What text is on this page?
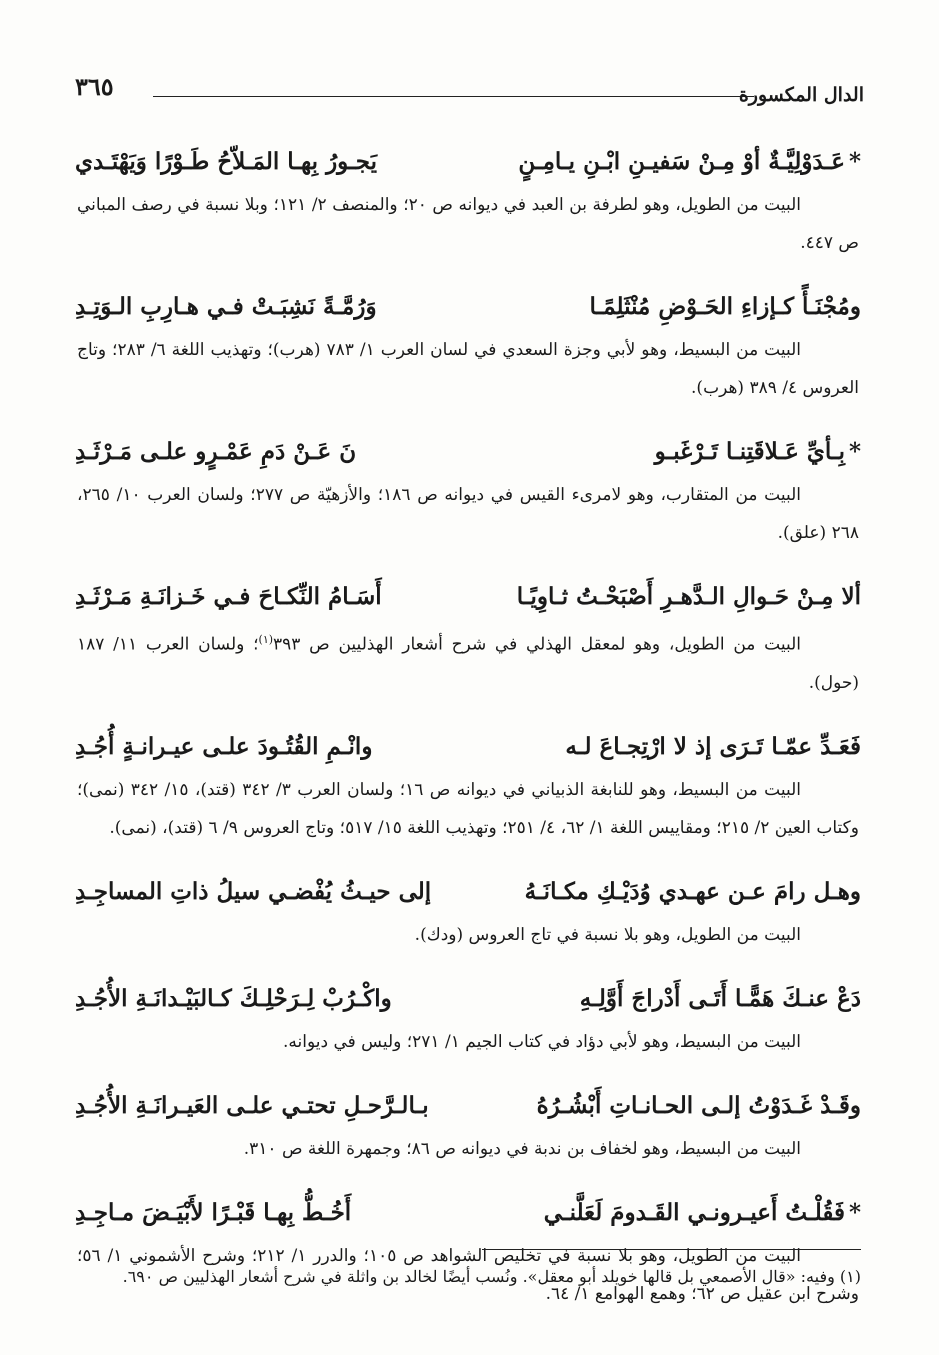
٣٦٥	الدال المكسورة
*عَـدَوْلِيَّـةٌ أوْ مِـنْ سَفيـنِ ابْـنِ يـامِـنٍ
يَجـورُ بِهـا المَـلاّحُ طَـوْرًا وَيَهْتَـدي

البيت من الطويل، وهو لطرفة بن العبد في ديوانه ص ٢٠؛ والمنصف ٢/ ١٢١؛ وبلا نسبة في رصف المباني ص ٤٤٧.

ومُجْنَـأً كـإزاءِ الحَـوْضِ مُنْثَلِمًـا
وَرُمَّـةً نَشِبَـتْ فـي هـارِبِ الـوَتِـدِ

البيت من البسيط، وهو لأبي وجزة السعدي في لسان العرب ١/ ٧٨٣ (هرب)؛ وتهذيب اللغة ٦/ ٢٨٣؛ وتاج العروس ٤/ ٣٨٩ (هرب).

*بِـأيِّ عَـلاقَتِنـا تَـرْغَبـو
نَ عَـنْ دَمِ عَمْـرٍو علـى مَـرْثَـدِ

البيت من المتقارب، وهو لامرىء القيس في ديوانه ص ١٨٦؛ والأزهيّة ص ٢٧٧؛ ولسان العرب ١٠/ ٢٦٥، ٢٦٨ (علق).

ألا مِـنْ حَـوالِ الـدَّهـرِ أَصْبَحْـتُ ثـاوِيًـا
أَسَـامُ النِّكـاحَ فـي خَـزانَـةِ مَـرْثَـدِ

البيت من الطويل، وهو لمعقل الهذلي في شرح أشعار الهذليين ص ٣٩٣$^{(١)}$؛ ولسان العرب ١١/ ١٨٧ (حول).

فَعَـدِّ عمّـا تَـرَى إذ لا ارْتِجـاعَ لـه
وانْـمِ القُتُـودَ علـى عيـرانـةٍ أُجُـدِ

البيت من البسيط، وهو للنابغة الذبياني في ديوانه ص ١٦؛ ولسان العرب ٣/ ٣٤٢ (قتد)، ١٥/ ٣٤٢ (نمى)؛ وكتاب العين ٢/ ٢١٥؛ ومقاييس اللغة ١/ ٦٢، ٤/ ٢٥١؛ وتهذيب اللغة ١٥/ ٥١٧؛ وتاج العروس ٩/ ٦ (قتد)، (نمى).

وهـل رامَ عـن عهـدي وُدَيْـكِ مكـانَـهُ
إلى حيـثُ يُفْضـي سيلُ ذاتِ المساجِـدِ

البيت من الطويل، وهو بلا نسبة في تاج العروس (ودك).

دَعْ عنـكَ هَمًّـا أَتَـى أَدْراجَ أَوَّلِـهِ
واكْـرُبْ لِـرَحْلِـكَ كـالبَيْـدانَـةِ الأُجُـدِ

البيت من البسيط، وهو لأبي دؤاد في كتاب الجيم ١/ ٢٧١؛ وليس في ديوانه.

وقَـدْ غَـدَوْتُ إلـى الحـانـاتِ أَبْشُـرُهُ
بـالـرَّحـلِ تحتـي علـى العَيـرانَـةِ الأُجُـدِ

البيت من البسيط، وهو لخفاف بن ندبة في ديوانه ص ٨٦؛ وجمهرة اللغة ص ٣١٠.

*فَقُلْـتُ أَعيـرونـي القَـدومَ لَعَلَّنـي
أَخُـطُّ بِهـا قَبْـرًا لأَبْيَـضَ مـاجِـدِ

البيت من الطويل، وهو بلا نسبة في تخليص الشواهد ص ١٠٥؛ والدرر ١/ ٢١٢؛ وشرح الأشموني ١/ ٥٦؛ وشرح ابن عقيل ص ٦٢؛ وهمع الهوامع ١/ ٦٤.

(١) وفيه: «قال الأصمعي بل قالها خويلد أبو معقل». ونُسب أيضًا لخالد بن واثلة في شرح أشعار الهذليين ص ٦٩٠.
